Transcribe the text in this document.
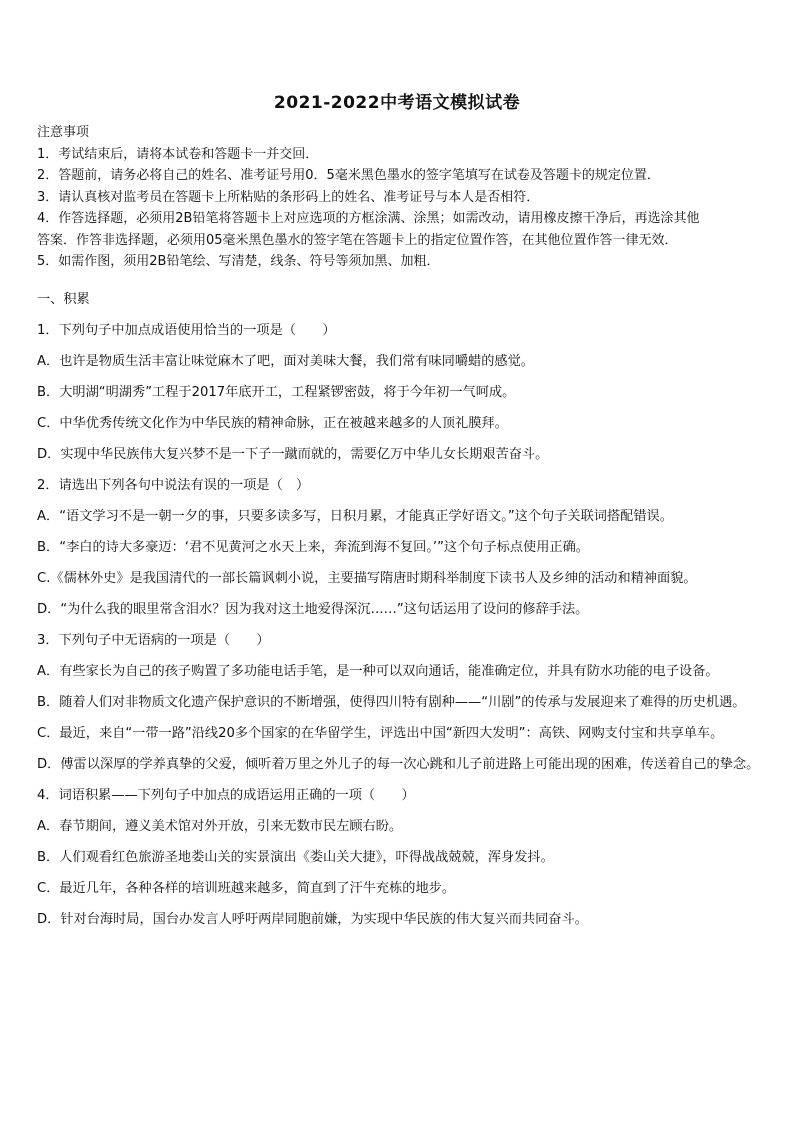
2021-2022中考语文模拟试卷
注意事项
1．考试结束后，请将本试卷和答题卡一并交回．
2．答题前，请务必将自己的姓名、准考证号用0．5毫米黑色墨水的签字笔填写在试卷及答题卡的规定位置．
3．请认真核对监考员在答题卡上所粘贴的条形码上的姓名、准考证号与本人是否相符．
4．作答选择题，必须用2B铅笔将答题卡上对应选项的方框涂满、涂黑；如需改动，请用橡皮擦干净后，再选涂其他
答案．作答非选择题，必须用05毫米黑色墨水的签字笔在答题卡上的指定位置作答，在其他位置作答一律无效．
5．如需作图，须用2B铅笔绘、写清楚，线条、符号等须加黑、加粗．
一、积累
1．下列句子中加点成语使用恰当的一项是（　　）
A．也许是物质生活丰富让味觉麻木了吧，面对美味大餐，我们常有味同嚼蜡的感觉。
B．大明湖“明湖秀”工程于2017年底开工，工程紧锣密鼓，将于今年初一气呵成。
C．中华优秀传统文化作为中华民族的精神命脉，正在被越来越多的人顶礼膜拜。
D．实现中华民族伟大复兴梦不是一下子一蹴而就的，需要亿万中华儿女长期艰苦奋斗。
2．请选出下列各句中说法有误的一项是（　）
A．“语文学习不是一朝一夕的事，只要多读多写，日积月累，才能真正学好语文。”这个句子关联词搭配错误。
B．“李白的诗大多豪迈：‘君不见黄河之水天上来，奔流到海不复回。’”这个句子标点使用正确。
C.《儒林外史》是我国清代的一部长篇讽刺小说，主要描写隋唐时期科举制度下读书人及乡绅的活动和精神面貌。
D．“为什么我的眼里常含泪水？因为我对这土地爱得深沉……”这句话运用了设问的修辞手法。
3．下列句子中无语病的一项是（　　）
A．有些家长为自己的孩子购置了多功能电话手笔，是一种可以双向通话，能准确定位，并具有防水功能的电子设备。
B．随着人们对非物质文化遗产保护意识的不断增强，使得四川特有剧种——“川剧”的传承与发展迎来了难得的历史机遇。
C．最近，来自“一带一路”沿线20多个国家的在华留学生，评选出中国“新四大发明”：高铁、网购支付宝和共享单车。
D．傅雷以深厚的学养真挚的父爱，倾听着万里之外儿子的每一次心跳和儿子前进路上可能出现的困难，传送着自己的挚念。
4．词语积累——下列句子中加点的成语运用正确的一项（　　）
A．春节期间，遵义美术馆对外开放，引来无数市民左顾右盼。
B．人们观看红色旅游圣地娄山关的实景演出《娄山关大捷》，吓得战战兢兢，浑身发抖。
C．最近几年，各种各样的培训班越来越多，简直到了汗牛充栋的地步。
D．针对台海时局，国台办发言人呼吁两岸同胞前嫌，为实现中华民族的伟大复兴而共同奋斗。
